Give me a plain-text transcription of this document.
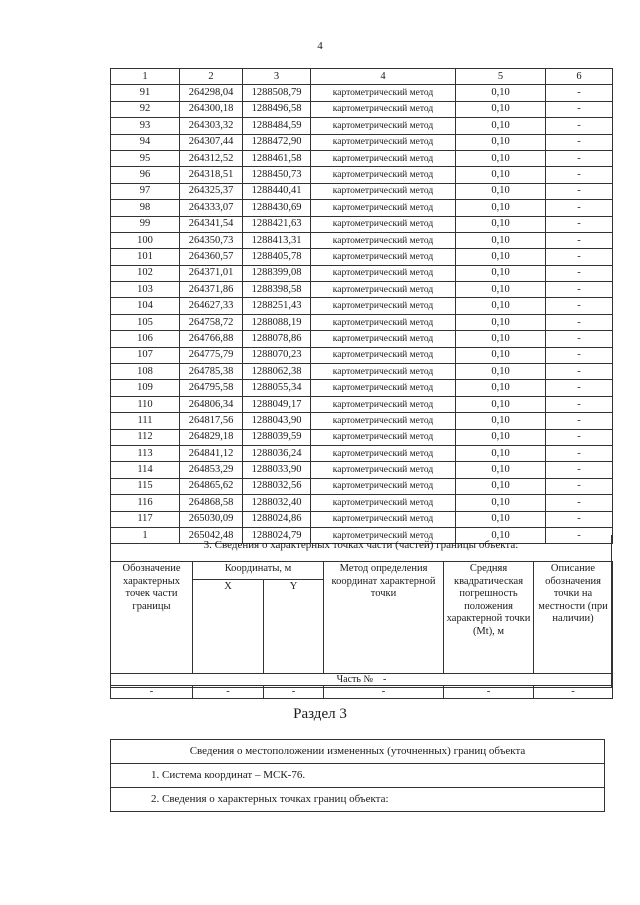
4
1	2	3	4	5	6
91	264298,04	1288508,79	картометрический метод	0,10	-
92	264300,18	1288496,58	картометрический метод	0,10	-
93	264303,32	1288484,59	картометрический метод	0,10	-
94	264307,44	1288472,90	картометрический метод	0,10	-
95	264312,52	1288461,58	картометрический метод	0,10	-
96	264318,51	1288450,73	картометрический метод	0,10	-
97	264325,37	1288440,41	картометрический метод	0,10	-
98	264333,07	1288430,69	картометрический метод	0,10	-
99	264341,54	1288421,63	картометрический метод	0,10	-
100	264350,73	1288413,31	картометрический метод	0,10	-
101	264360,57	1288405,78	картометрический метод	0,10	-
102	264371,01	1288399,08	картометрический метод	0,10	-
103	264371,86	1288398,58	картометрический метод	0,10	-
104	264627,33	1288251,43	картометрический метод	0,10	-
105	264758,72	1288088,19	картометрический метод	0,10	-
106	264766,88	1288078,86	картометрический метод	0,10	-
107	264775,79	1288070,23	картометрический метод	0,10	-
108	264785,38	1288062,38	картометрический метод	0,10	-
109	264795,58	1288055,34	картометрический метод	0,10	-
110	264806,34	1288049,17	картометрический метод	0,10	-
111	264817,56	1288043,90	картометрический метод	0,10	-
112	264829,18	1288039,59	картометрический метод	0,10	-
113	264841,12	1288036,24	картометрический метод	0,10	-
114	264853,29	1288033,90	картометрический метод	0,10	-
115	264865,62	1288032,56	картометрический метод	0,10	-
116	264868,58	1288032,40	картометрический метод	0,10	-
117	265030,09	1288024,86	картометрический метод	0,10	-
1	265042,48	1288024,79	картометрический метод	0,10	-
3. Сведения о характерных точках части (частей) границы объекта:
Обозначение характерных точек части границы	Координаты, м		Метод определения координат характерной точки	Средняя квадратическая погрешность положения характерной точки (Mt), м	Описание обозначения точки на местности (при наличии)
	X	Y			

Часть № -					
-	-	-	-	-	-
Раздел 3
Сведения о местоположении измененных (уточненных) границ объекта
1. Система координат – МСК-76.
2. Сведения о характерных точках границ объекта:
